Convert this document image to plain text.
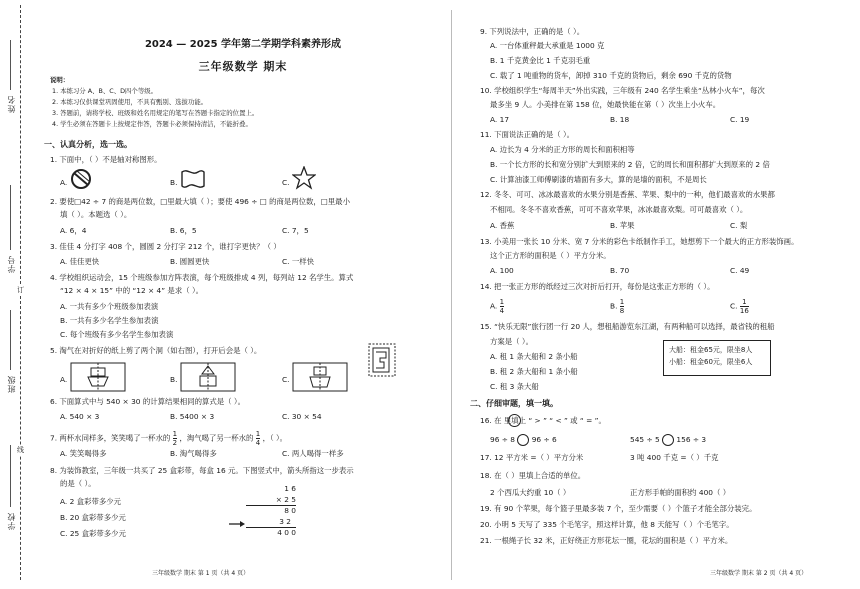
姓名
学号
班级
学校
订
线
2024 — 2025 学年第二学期学科素养形成
三年级数学 期末
说明：
1. 本练习分 A、B、C、D四个等级。
2. 本练习仅供课堂巩固使用，不具有甄别、选拔功能。
3. 答题前，请将学校、班级和姓名用规定的笔写在答题卡指定的位置上。
4. 学生必须在答题卡上按规定作答，答题卡必须保持清洁，不能折叠。
一、认真分析，选一选。
1. 下面中，（ ）不是轴对称图形。
A.	B.	C.
2. 要使□42 ÷ 7 的商是两位数，□里最大填（ ）；要使 496 ÷ □ 的商是两位数，□里最小
填（ ）。本题选（ ）。
A. 6，4	B. 6，5	C. 7，5
3. 佳佳 4 分打字 408 个，圆圆 2 分打字 212 个，谁打字更快？（ ）
A. 佳佳更快	B. 圆圆更快	C. 一样快
4. 学校组织运动会，15 个班级参加方阵表演，每个班级排成 4 列，每列站 12 名学生。算式
“12 × 4 × 15” 中的 “12 × 4” 是求（ ）。
A. 一共有多少个班级参加表演
B. 一共有多少名学生参加表演
C. 每个班级有多少名学生参加表演
5. 淘气在对折好的纸上剪了两个洞（如右图），打开后会是（ ）。
A.	B.	C.
6. 下面算式中与 540 × 30 的计算结果相同的算式是（ ）。
A. 540 × 3	B. 5400 × 3	C. 30 × 54
7. 两杯水同样多，笑笑喝了一杯水的 $\frac{1}{2}$ ，淘气喝了另一杯水的 $\frac{1}{4}$ ，（ ）。
A. 笑笑喝得多	B. 淘气喝得多	C. 两人喝得一样多
8. 为装饰教室，三年级一共买了 25 盒彩带，每盒 16 元。下图竖式中，箭头所指这一步表示
的是（ ）。
A. 2 盒彩带多少元
B. 20 盒彩带多少元
C. 25 盒彩带多少元
1 6
× 2 5
8 0
3 2
4 0 0
三年级数学 期末 第 1 页（共 4 页）
9. 下列说法中，正确的是（ ）。
A. 一台体重秤最大承重是 1000 克
B. 1 千克黄金比 1 千克羽毛重
C. 载了 1 吨重物的货车，卸掉 310 千克的货物后，剩余 690 千克的货物
10. 学校组织学生“每周半天”外出实践，三年级有 240 名学生乘坐“丛林小火车”，每次
最多坐 9 人。小美排在第 158 位，她最快能在第（ ）次坐上小火车。
A. 17	B. 18	C. 19
11. 下面说法正确的是（ ）。
A. 边长为 4 分米的正方形的周长和面积相等
B. 一个长方形的长和宽分别扩大到原来的 2 倍，它的周长和面积都扩大到原来的 2 倍
C. 计算油漆工师傅刷漆的墙面有多大，算的是墙的面积，不是周长
12. 冬冬、可可、冰冰最喜欢的水果分别是香蕉、苹果、梨中的一种，他们最喜欢的水果都
不相同。冬冬不喜欢香蕉，可可不喜欢苹果，冰冰最喜欢梨。可可最喜欢（ ）。
A. 香蕉	B. 苹果	C. 梨
13. 小美用一张长 10 分米、宽 7 分米的彩色卡纸制作手工，她想剪下一个最大的正方形装饰画。
这个正方形的面积是（ ）平方分米。
A. 100	B. 70	C. 49
14. 把一张正方形的纸经过三次对折后打开，每份是这张正方形的（ ）。
A. $\frac{1}{4}$	B. $\frac{1}{8}$	C. $\frac{1}{16}$
15. “快乐无限”旅行团一行 20 人，想租船游览东江湖，有两种船可以选择，最省钱的租船
方案是（ ）。
A. 租 1 条大船和 2 条小船
B. 租 2 条大船和 1 条小船
C. 租 3 条大船
大船：租金65元，限坐8人
小船：租金60元，限坐6人
二、仔细审题，填一填。
16. 在 里填上 “ > ” “ < ” 或 “ = ”。
96 ÷ 8 96 ÷ 6	545 ÷ 5 156 ÷ 3
17. 12 平方米 =（ ）平方分米	3 吨 400 千克 =（ ）千克
18. 在（ ）里填上合适的单位。
2 个西瓜大约重 10（ ）	正方形手帕的面积约 400（ ）
19. 有 90 个苹果，每个篮子里最多装 7 个，至少需要（ ）个篮子才能全部分装完。
20. 小明 5 天写了 335 个毛笔字，照这样计算，他 8 天能写（ ）个毛笔字。
21. 一根绳子长 32 米，正好绕正方形花坛一圈，花坛的面积是（ ）平方米。
三年级数学 期末 第 2 页（共 4 页）
